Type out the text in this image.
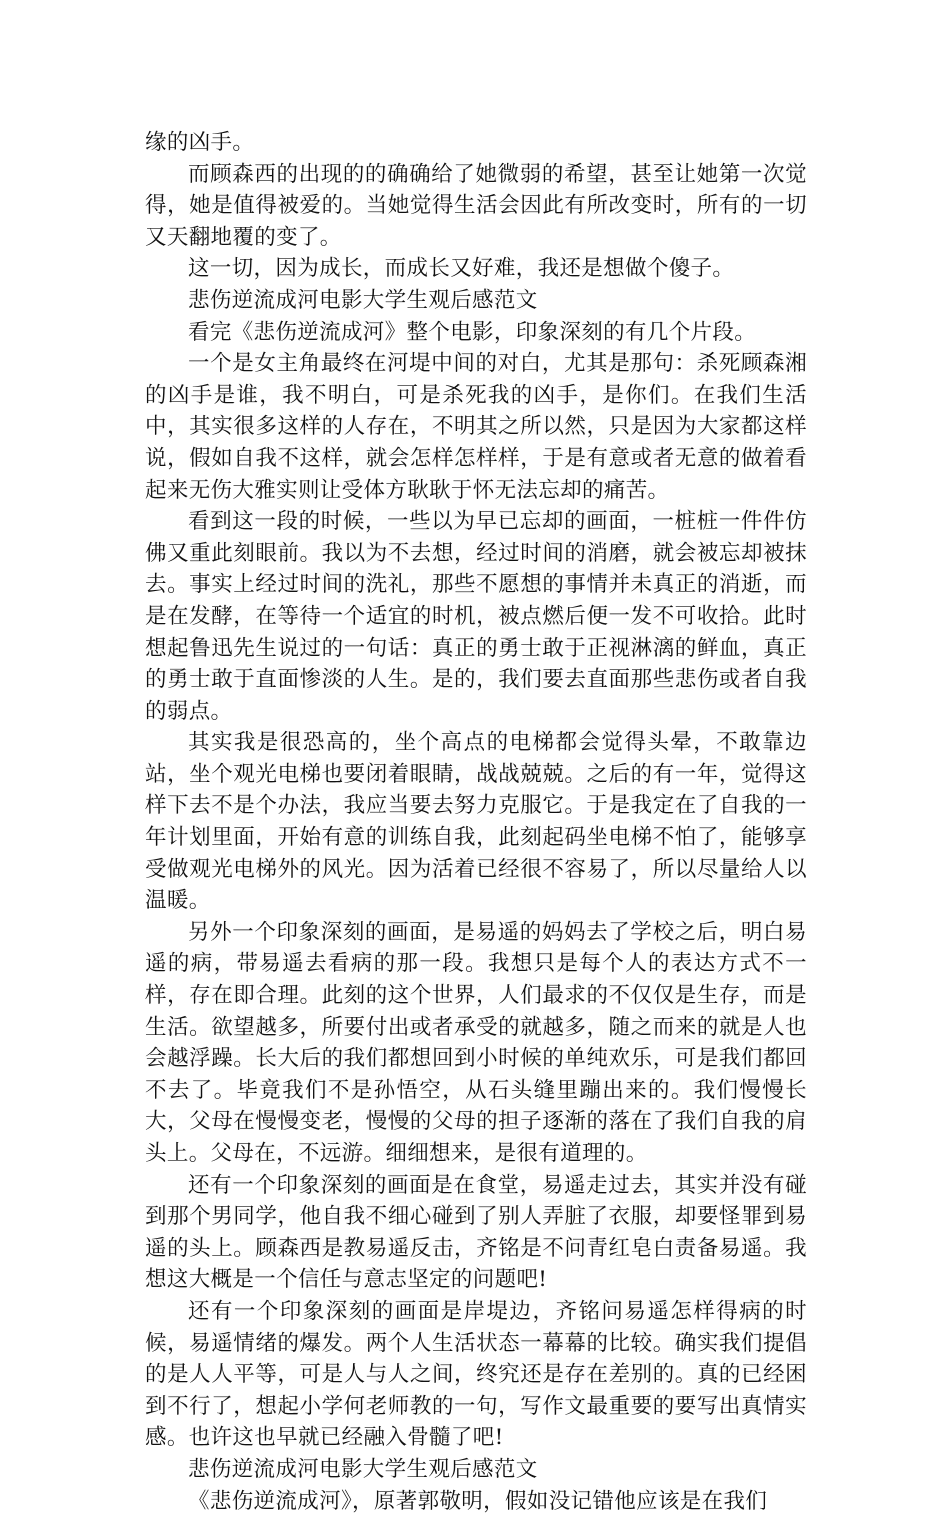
缘的凶手。

而顾森西的出现的的确确给了她微弱的希望，甚至让她第一次觉得，她是值得被爱的。当她觉得生活会因此有所改变时，所有的一切又天翻地覆的变了。

这一切，因为成长，而成长又好难，我还是想做个傻子。

悲伤逆流成河电影大学生观后感范文

看完《悲伤逆流成河》整个电影，印象深刻的有几个片段。

一个是女主角最终在河堤中间的对白，尤其是那句：杀死顾森湘的凶手是谁，我不明白，可是杀死我的凶手，是你们。在我们生活中，其实很多这样的人存在，不明其之所以然，只是因为大家都这样说，假如自我不这样，就会怎样怎样样，于是有意或者无意的做着看起来无伤大雅实则让受体方耿耿于怀无法忘却的痛苦。

看到这一段的时候，一些以为早已忘却的画面，一桩桩一件件仿佛又重此刻眼前。我以为不去想，经过时间的消磨，就会被忘却被抹去。事实上经过时间的洗礼，那些不愿想的事情并未真正的消逝，而是在发酵，在等待一个适宜的时机，被点燃后便一发不可收拾。此时想起鲁迅先生说过的一句话：真正的勇士敢于正视淋漓的鲜血，真正的勇士敢于直面惨淡的人生。是的，我们要去直面那些悲伤或者自我的弱点。

其实我是很恐高的，坐个高点的电梯都会觉得头晕，不敢靠边站，坐个观光电梯也要闭着眼睛，战战兢兢。之后的有一年，觉得这样下去不是个办法，我应当要去努力克服它。于是我定在了自我的一年计划里面，开始有意的训练自我，此刻起码坐电梯不怕了，能够享受做观光电梯外的风光。因为活着已经很不容易了，所以尽量给人以温暖。

另外一个印象深刻的画面，是易遥的妈妈去了学校之后，明白易遥的病，带易遥去看病的那一段。我想只是每个人的表达方式不一样，存在即合理。此刻的这个世界，人们最求的不仅仅是生存，而是生活。欲望越多，所要付出或者承受的就越多，随之而来的就是人也会越浮躁。长大后的我们都想回到小时候的单纯欢乐，可是我们都回不去了。毕竟我们不是孙悟空，从石头缝里蹦出来的。我们慢慢长大，父母在慢慢变老，慢慢的父母的担子逐渐的落在了我们自我的肩头上。父母在，不远游。细细想来，是很有道理的。

还有一个印象深刻的画面是在食堂，易遥走过去，其实并没有碰到那个男同学，他自我不细心碰到了别人弄脏了衣服，却要怪罪到易遥的头上。顾森西是教易遥反击，齐铭是不问青红皂白责备易遥。我想这大概是一个信任与意志坚定的问题吧!

还有一个印象深刻的画面是岸堤边，齐铭问易遥怎样得病的时候，易遥情绪的爆发。两个人生活状态一幕幕的比较。确实我们提倡的是人人平等，可是人与人之间，终究还是存在差别的。真的已经困到不行了，想起小学何老师教的一句，写作文最重要的要写出真情实感。也许这也早就已经融入骨髓了吧!

悲伤逆流成河电影大学生观后感范文

《悲伤逆流成河》，原著郭敬明，假如没记错他应该是在我们
